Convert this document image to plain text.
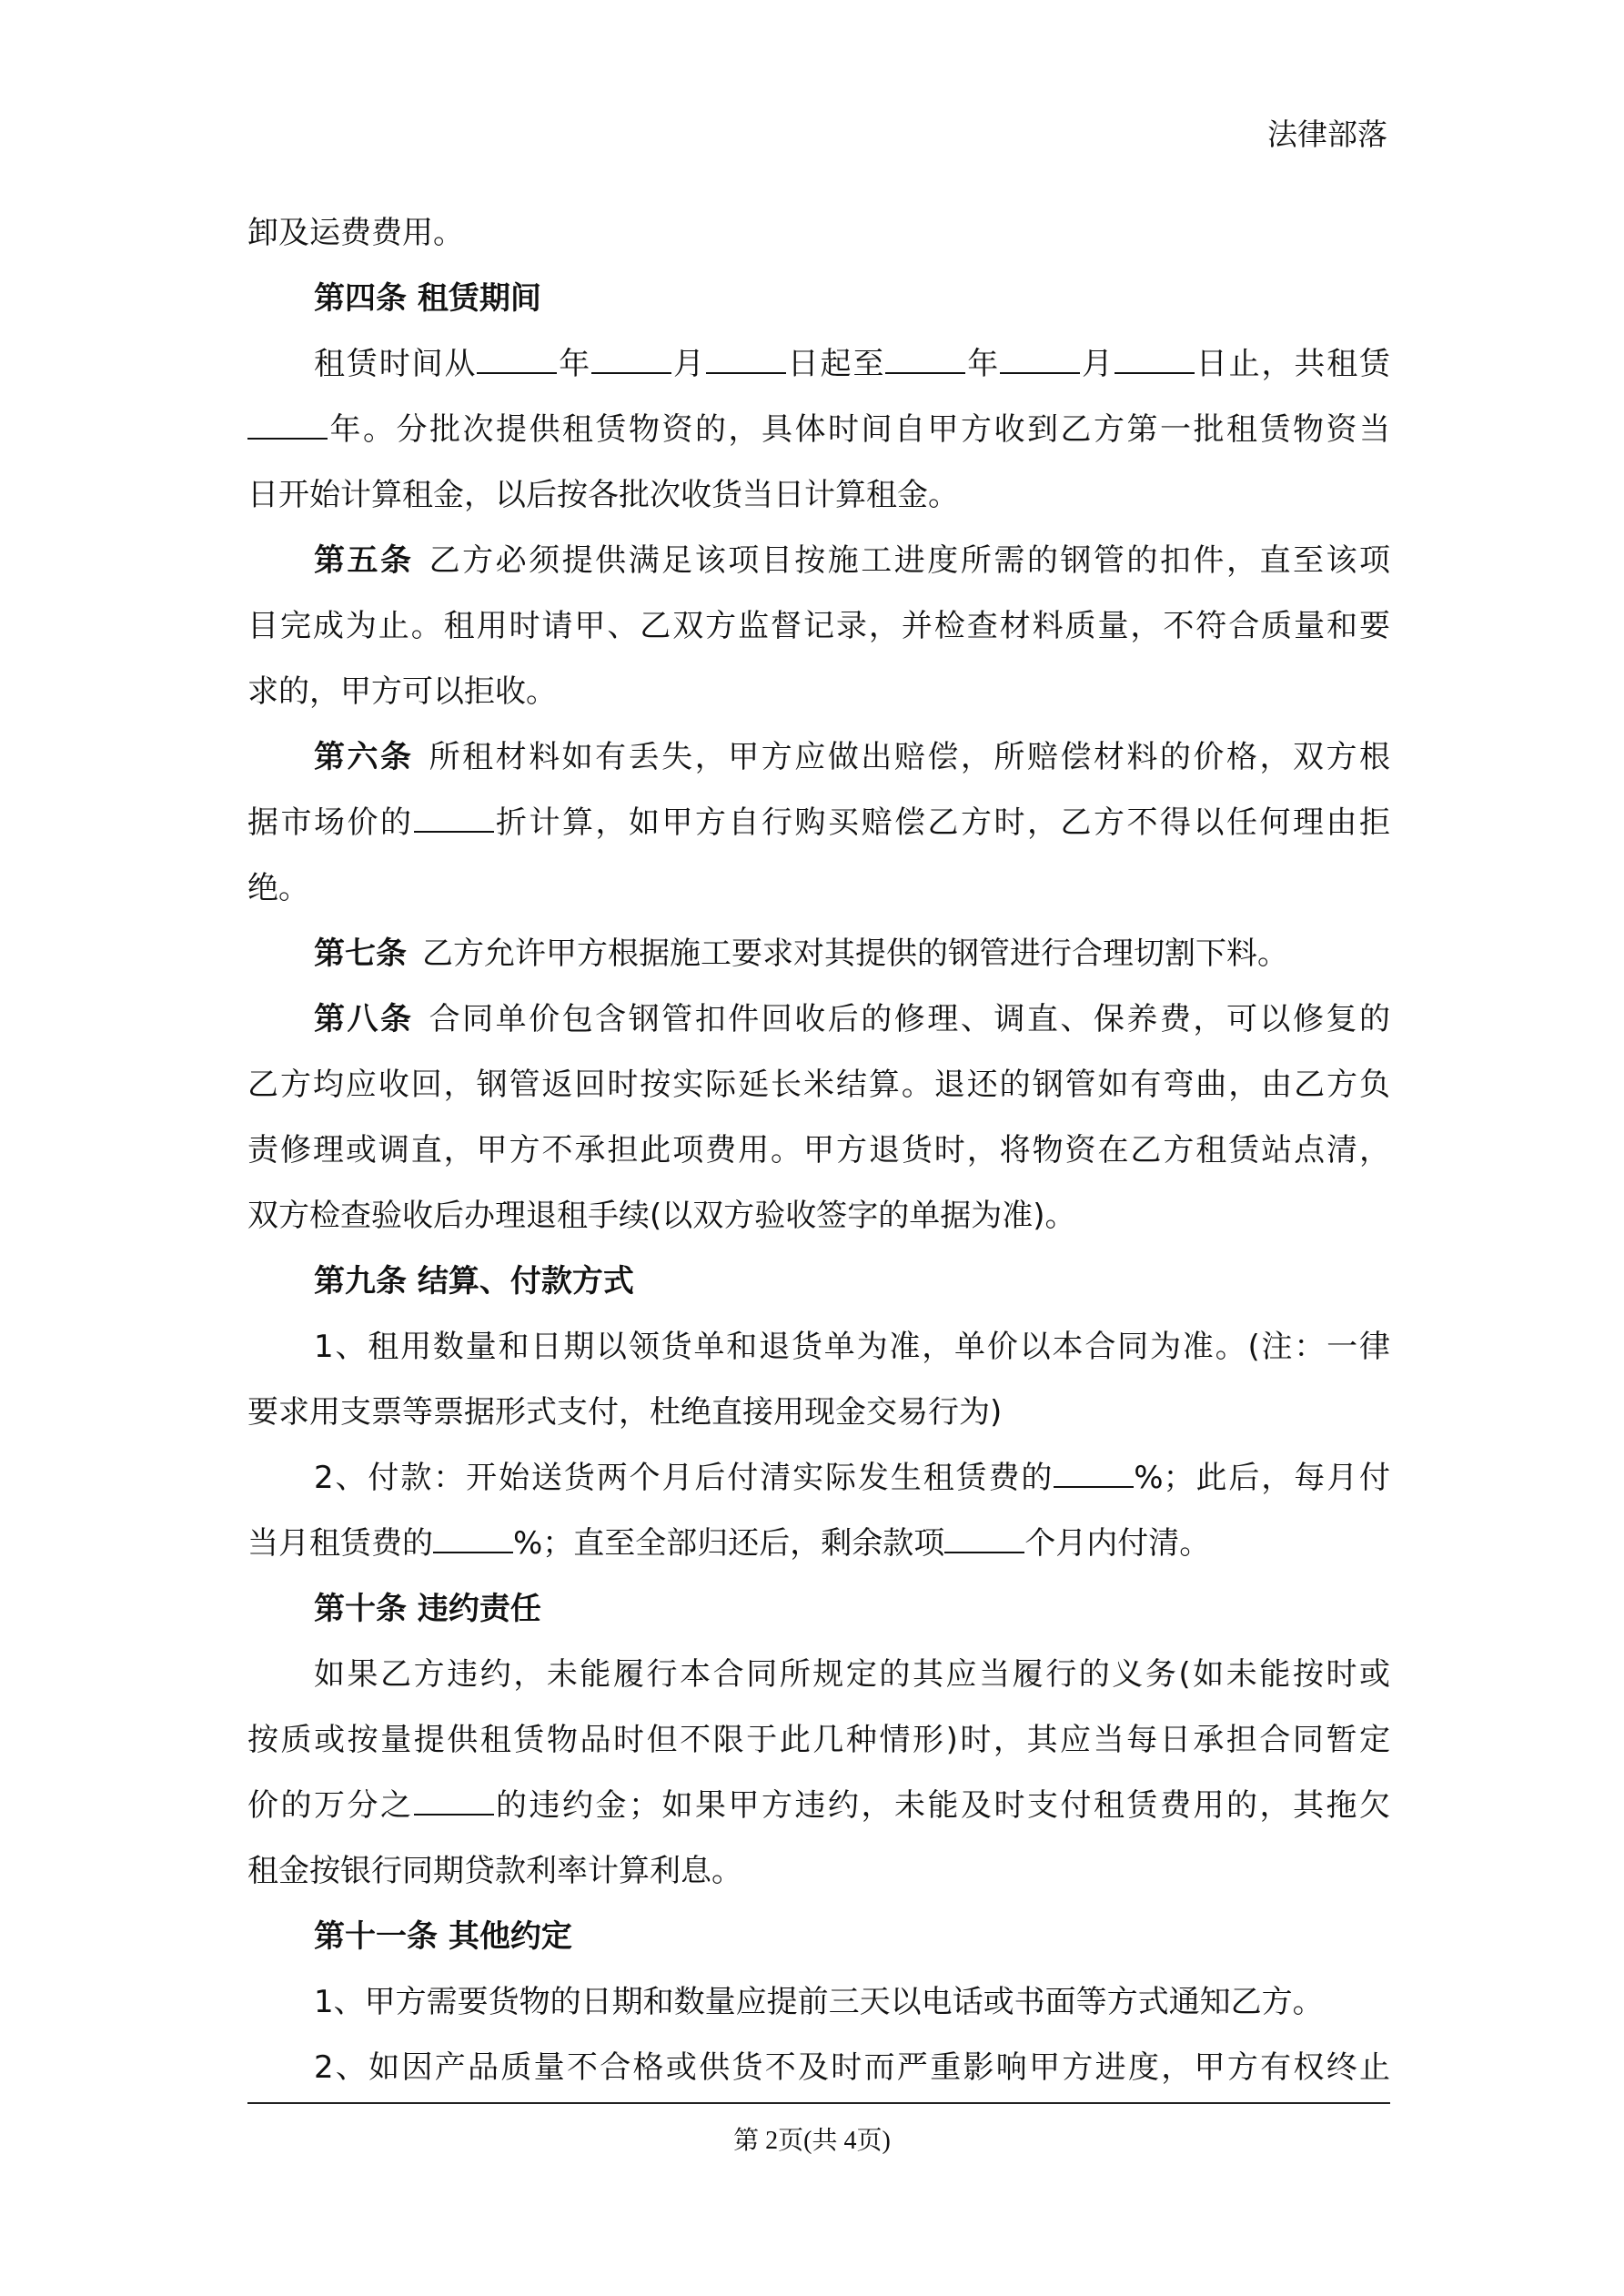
法律部落
卸及运费费用。
第四条 租赁期间
租赁时间从	年	月	日起至	年	月	日止，共租赁
年。分批次提供租赁物资的，具体时间自甲方收到乙方第一批租赁物资当
日开始计算租金，以后按各批次收货当日计算租金。
第五条 乙方必须提供满足该项目按施工进度所需的钢管的扣件，直至该项
目完成为止。租用时请甲、乙双方监督记录，并检查材料质量，不符合质量和要
求的，甲方可以拒收。
第六条 所租材料如有丢失，甲方应做出赔偿，所赔偿材料的价格，双方根
据市场价的	折计算，如甲方自行购买赔偿乙方时，乙方不得以任何理由拒
绝。
第七条 乙方允许甲方根据施工要求对其提供的钢管进行合理切割下料。
第八条 合同单价包含钢管扣件回收后的修理、调直、保养费，可以修复的
乙方均应收回，钢管返回时按实际延长米结算。退还的钢管如有弯曲，由乙方负
责修理或调直，甲方不承担此项费用。甲方退货时，将物资在乙方租赁站点清，
双方检查验收后办理退租手续(以双方验收签字的单据为准)。
第九条 结算、付款方式
1、租用数量和日期以领货单和退货单为准，单价以本合同为准。(注：一律
要求用支票等票据形式支付，杜绝直接用现金交易行为)
2、付款：开始送货两个月后付清实际发生租赁费的	%；此后，每月付
当月租赁费的	%；直至全部归还后，剩余款项	个月内付清。
第十条 违约责任
如果乙方违约，未能履行本合同所规定的其应当履行的义务(如未能按时或
按质或按量提供租赁物品时但不限于此几种情形)时，其应当每日承担合同暂定
价的万分之	的违约金；如果甲方违约，未能及时支付租赁费用的，其拖欠
租金按银行同期贷款利率计算利息。
第十一条 其他约定
1、甲方需要货物的日期和数量应提前三天以电话或书面等方式通知乙方。
2、如因产品质量不合格或供货不及时而严重影响甲方进度，甲方有权终止
第 2页(共 4页)
